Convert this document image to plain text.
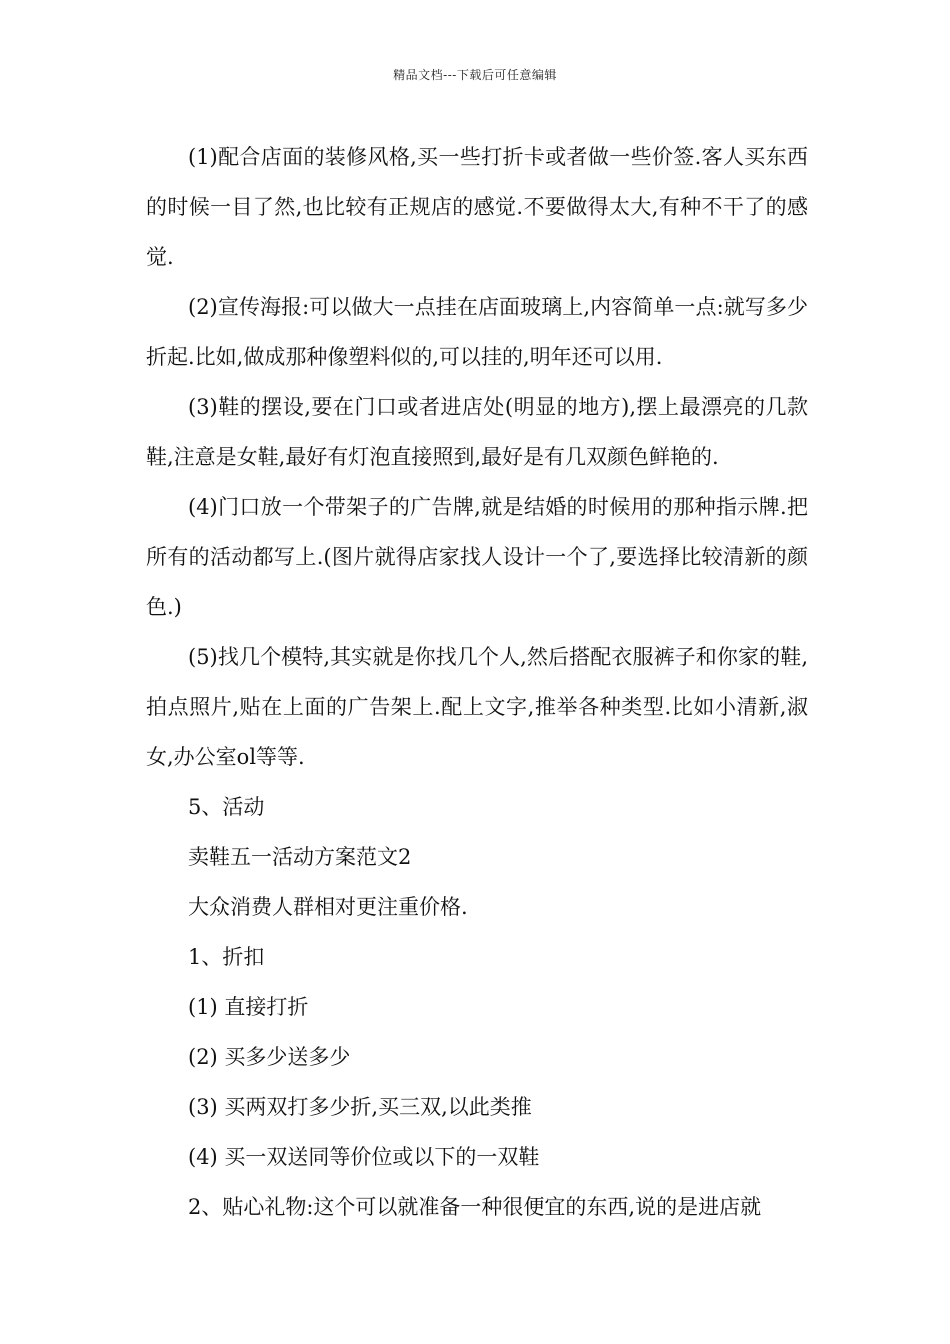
精品文档---下载后可任意编辑

(1)配合店面的装修风格,买一些打折卡或者做一些价签.客人买东西的时候一目了然,也比较有正规店的感觉.不要做得太大,有种不干了的感觉.

(2)宣传海报:可以做大一点挂在店面玻璃上,内容简单一点:就写多少折起.比如,做成那种像塑料似的,可以挂的,明年还可以用.

(3)鞋的摆设,要在门口或者进店处(明显的地方),摆上最漂亮的几款鞋,注意是女鞋,最好有灯泡直接照到,最好是有几双颜色鲜艳的.

(4)门口放一个带架子的广告牌,就是结婚的时候用的那种指示牌.把所有的活动都写上.(图片就得店家找人设计一个了,要选择比较清新的颜色.)

(5)找几个模特,其实就是你找几个人,然后搭配衣服裤子和你家的鞋,拍点照片,贴在上面的广告架上.配上文字,推举各种类型.比如小清新,淑女,办公室ol等等.

5、活动

卖鞋五一活动方案范文2

大众消费人群相对更注重价格.

1、折扣

(1) 直接打折

(2) 买多少送多少

(3) 买两双打多少折,买三双,以此类推

(4) 买一双送同等价位或以下的一双鞋

2、贴心礼物:这个可以就准备一种很便宜的东西,说的是进店就
